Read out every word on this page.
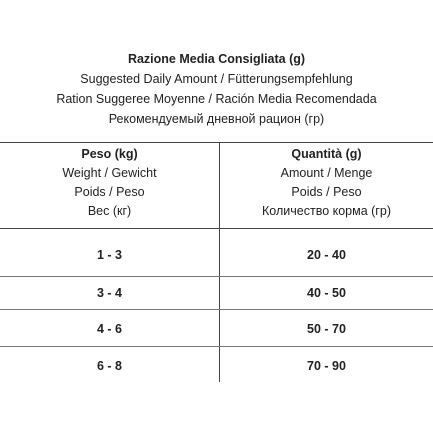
Razione Media Consigliata (g)
Suggested Daily Amount / Fütterungsempfehlung
Ration Suggeree Moyenne / Ración Media Recomendada
Рекомендуемый дневной рацион (гр)
Peso (kg)
Weight / Gewicht
Poids / Peso
Вес (кг)
Quantità (g)
Amount / Menge
Poids / Peso
Количество корма (гр)
1 - 3	20 - 40
3 - 4	40 - 50
4 - 6	50 - 70
6 - 8	70 - 90
